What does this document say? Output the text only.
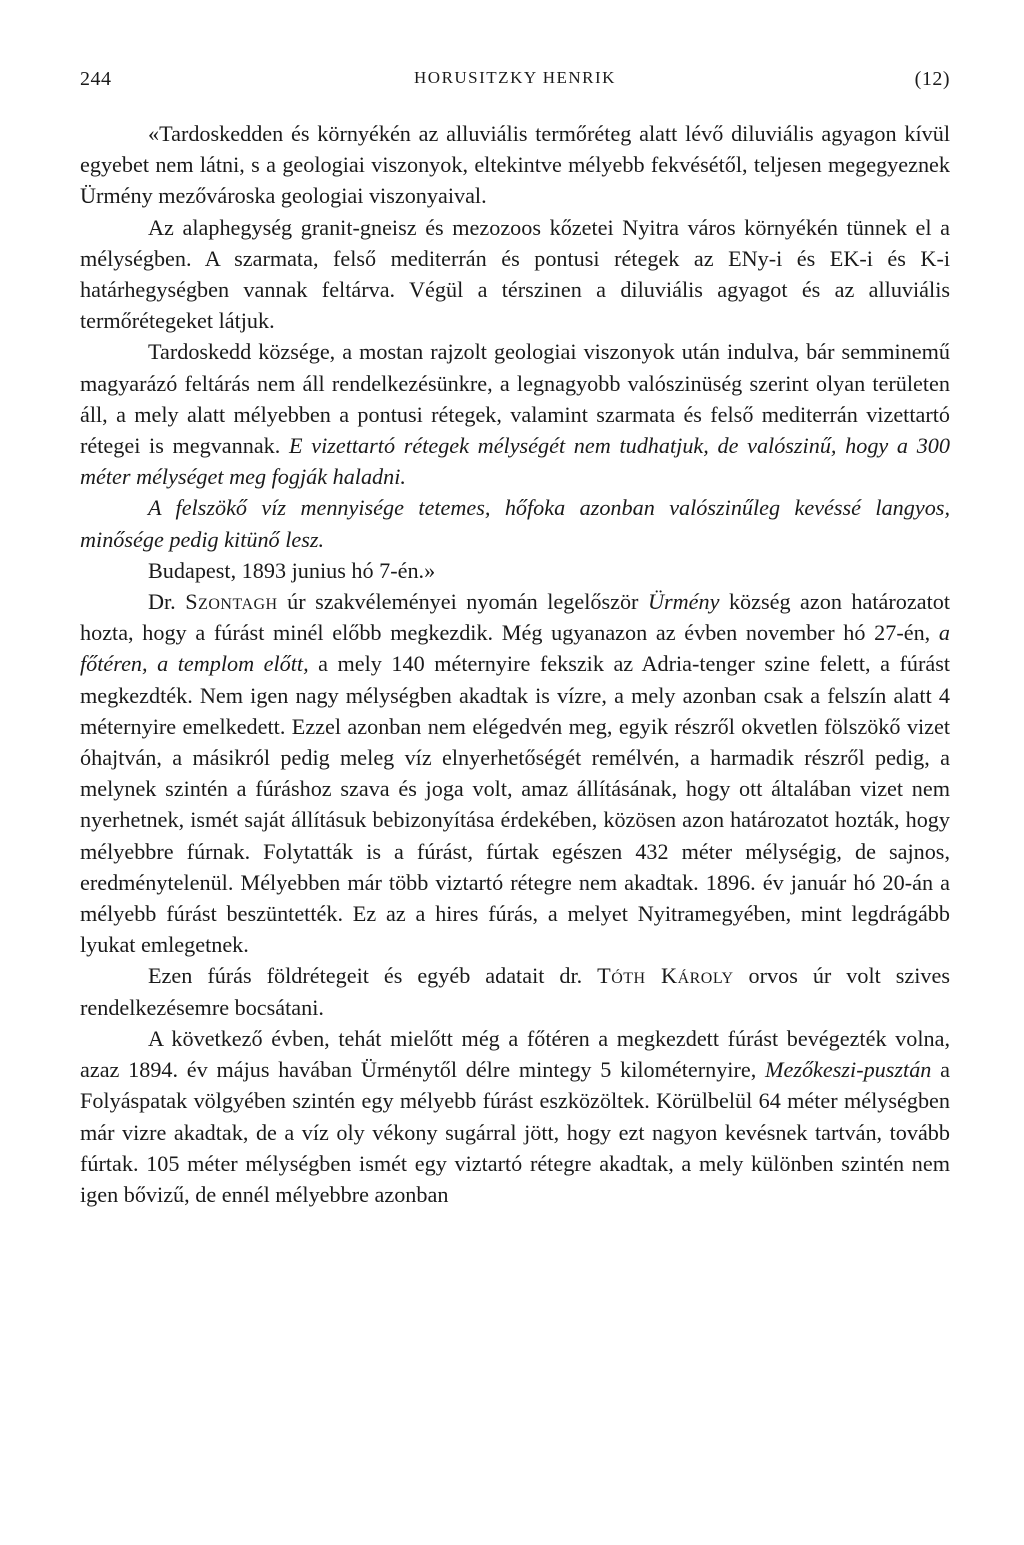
244	HORUSITZKY HENRIK	(12)

«Tardoskedden és környékén az alluviális termőréteg alatt lévő diluviális agyagon kívül egyebet nem látni, s a geologiai viszonyok, eltekintve mélyebb fekvésétől, teljesen megegyeznek Ürmény mezővároska geologiai viszonyaival.

Az alaphegység granit-gneisz és mezozoos kőzetei Nyitra város környékén tünnek el a mélységben. A szarmata, felső mediterrán és pontusi rétegek az ENy-i és EK-i és K-i határhegységben vannak feltárva. Végül a térszinen a diluviális agyagot és az alluviális termőrétegeket látjuk.

Tardoskedd községe, a mostan rajzolt geologiai viszonyok után indulva, bár semminemű magyarázó feltárás nem áll rendelkezésünkre, a legnagyobb valószinüség szerint olyan területen áll, a mely alatt mélyebben a pontusi rétegek, valamint szarmata és felső mediterrán vizettartó rétegei is megvannak. E vizettartó rétegek mélységét nem tudhatjuk, de valószinű, hogy a 300 méter mélységet meg fogják haladni.

A felszökő víz mennyisége tetemes, hőfoka azonban valószinűleg kevéssé langyos, minősége pedig kitünő lesz.

Budapest, 1893 junius hó 7-én.»

Dr. Szontagh úr szakvéleményei nyomán legelőször Ürmény község azon határozatot hozta, hogy a fúrást minél előbb megkezdik. Még ugyanazon az évben november hó 27-én, a főtéren, a templom előtt, a mely 140 méternyire fekszik az Adria-tenger szine felett, a fúrást megkezdték. Nem igen nagy mélységben akadtak is vízre, a mely azonban csak a felszín alatt 4 méternyire emelkedett. Ezzel azonban nem elégedvén meg, egyik részről okvetlen fölszökő vizet óhajtván, a másikról pedig meleg víz elnyerhetőségét remélvén, a harmadik részről pedig, a melynek szintén a fúráshoz szava és joga volt, amaz állításának, hogy ott általában vizet nem nyerhetnek, ismét saját állításuk bebizonyítása érdekében, közösen azon határozatot hozták, hogy mélyebbre fúrnak. Folytatták is a fúrást, fúrtak egészen 432 méter mélységig, de sajnos, eredménytelenül. Mélyebben már több viztartó rétegre nem akadtak. 1896. év január hó 20-án a mélyebb fúrást beszüntették. Ez az a hires fúrás, a melyet Nyitramegyében, mint legdrágább lyukat emlegetnek.

Ezen fúrás földrétegeit és egyéb adatait dr. Tóth Károly orvos úr volt szives rendelkezésemre bocsátani.

A következő évben, tehát mielőtt még a főtéren a megkezdett fúrást bevégezték volna, azaz 1894. év május havában Ürménytől délre mintegy 5 kilométernyire, Mezőkeszi-pusztán a Folyáspatak völgyében szintén egy mélyebb fúrást eszközöltek. Körülbelül 64 méter mélységben már vizre akadtak, de a víz oly vékony sugárral jött, hogy ezt nagyon kevésnek tartván, tovább fúrtak. 105 méter mélységben ismét egy viztartó rétegre akadtak, a mely különben szintén nem igen bővizű, de ennél mélyebbre azonban
